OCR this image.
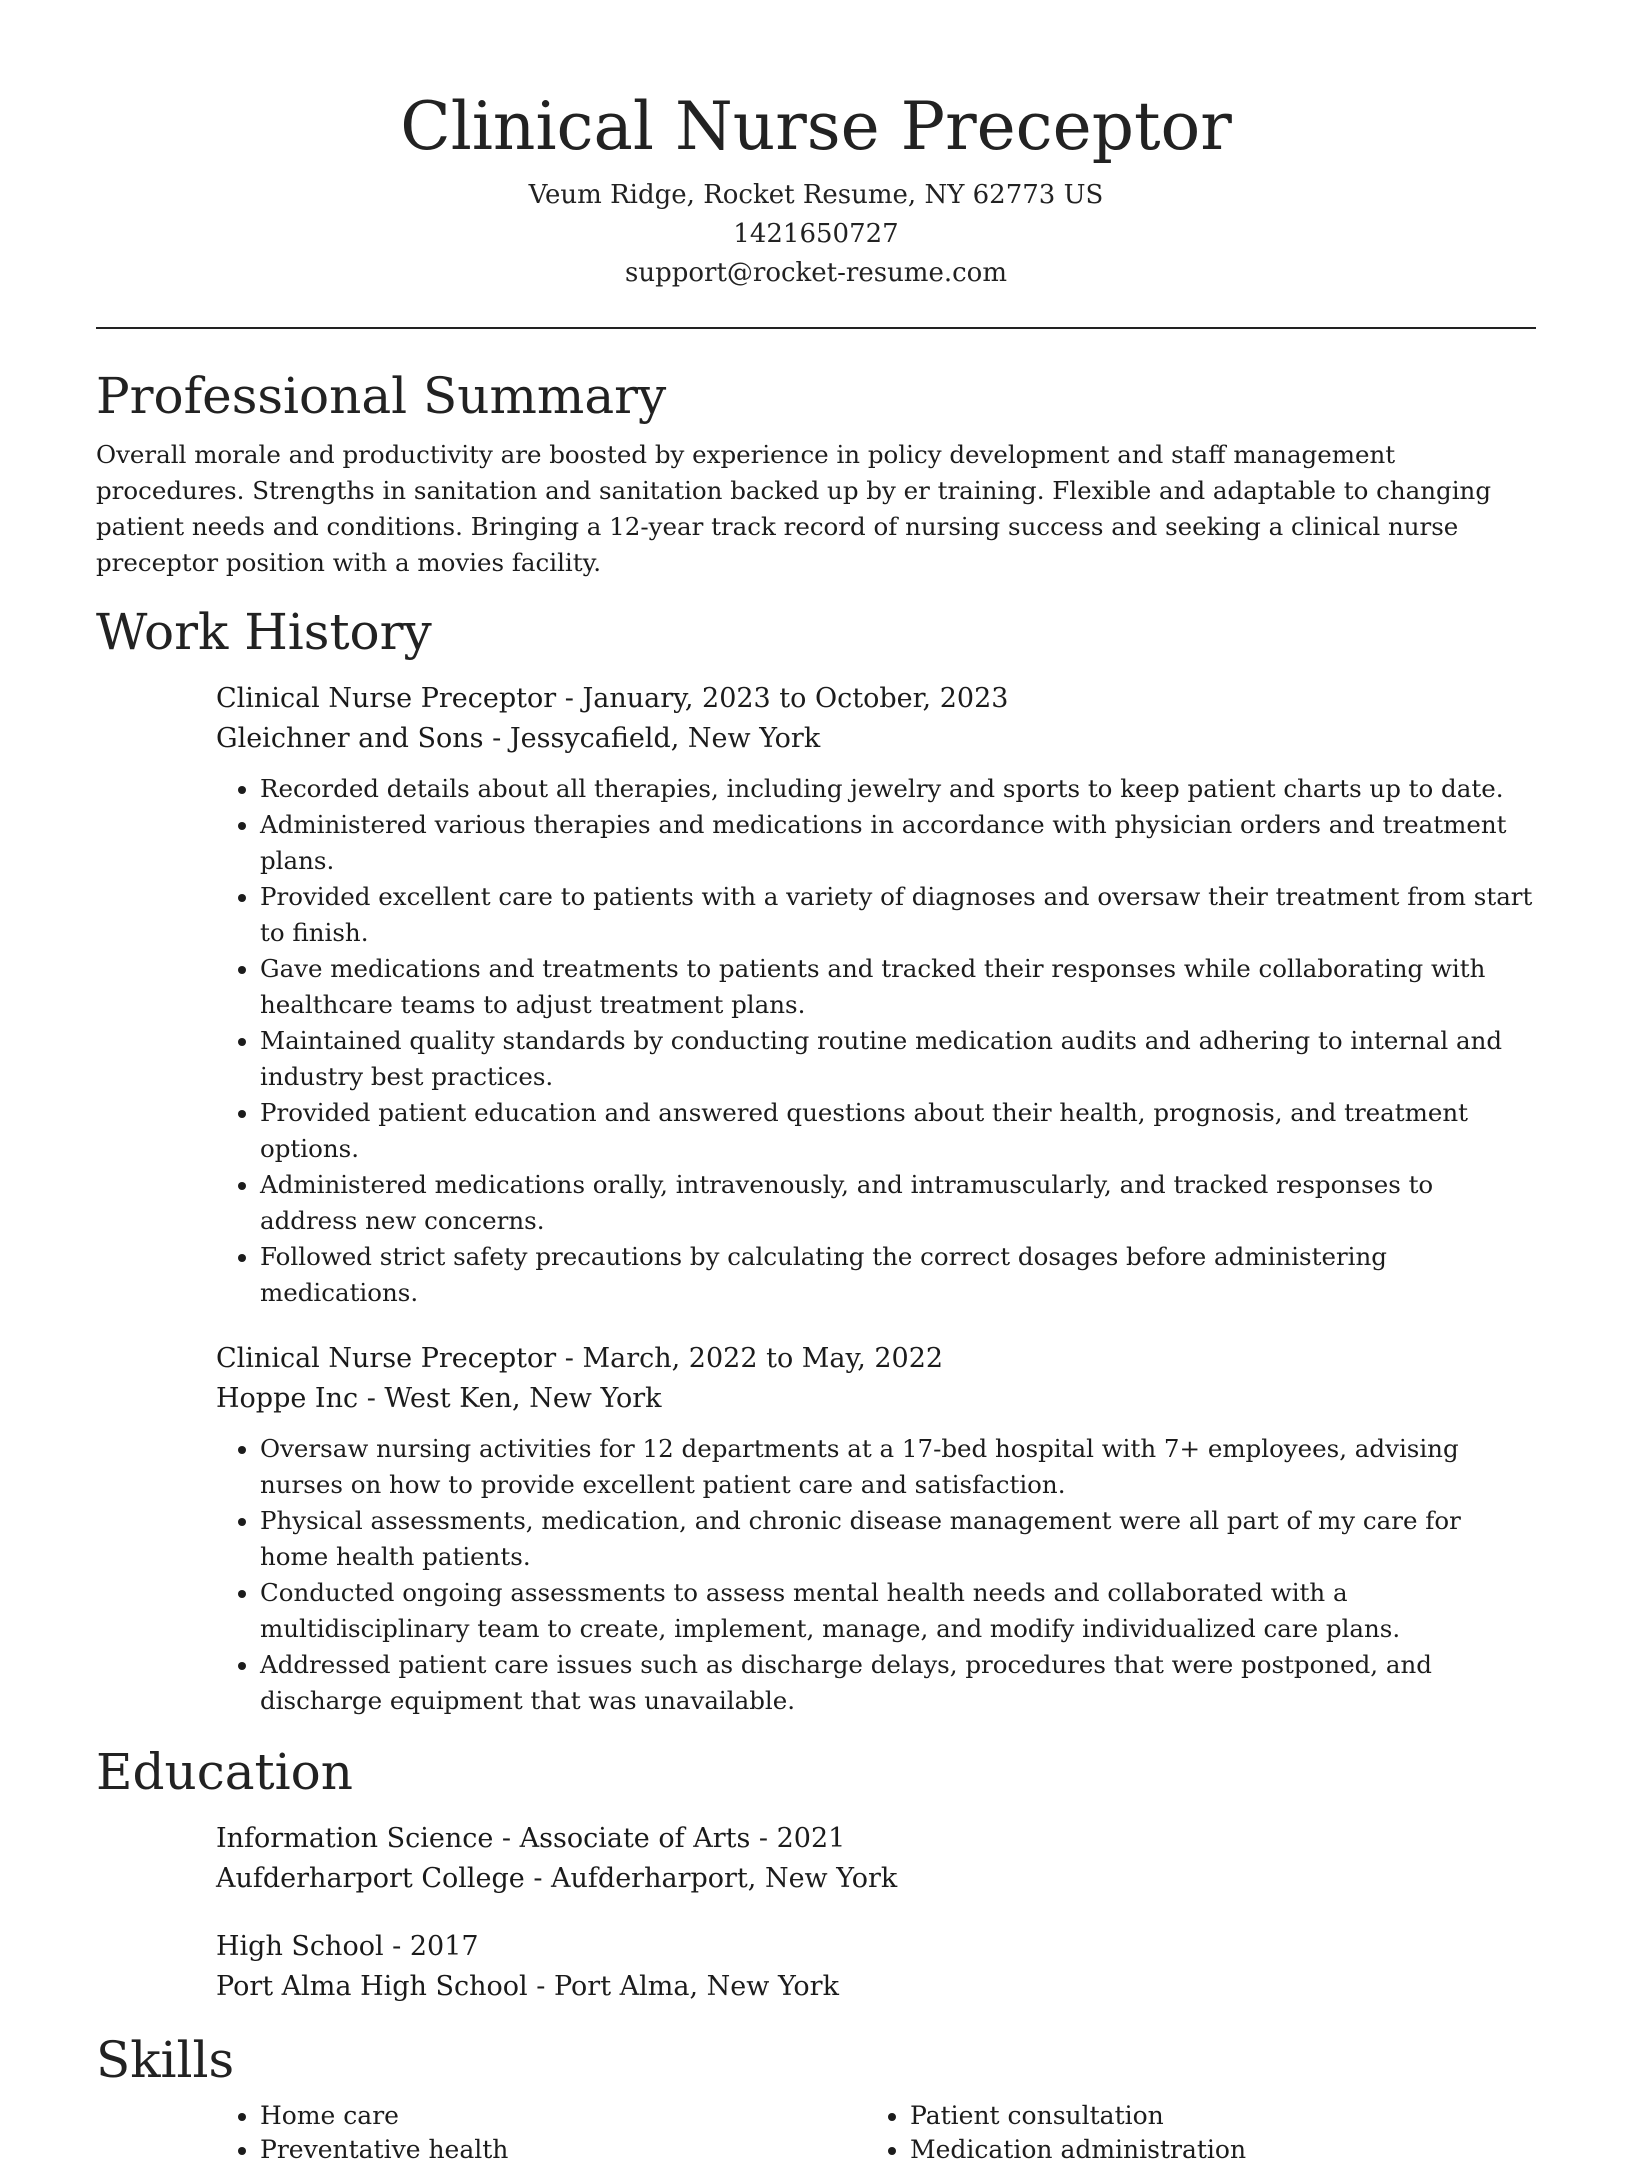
Clinical Nurse Preceptor
Veum Ridge, Rocket Resume, NY 62773 US
1421650727
support@rocket-resume.com
Professional Summary

Overall morale and productivity are boosted by experience in policy development and staff management procedures. Strengths in sanitation and sanitation backed up by er training. Flexible and adaptable to changing patient needs and conditions. Bringing a 12-year track record of nursing success and seeking a clinical nurse preceptor position with a movies facility.

Work History
Clinical Nurse Preceptor - January, 2023 to October, 2023
Gleichner and Sons - Jessycafield, New York
• Recorded details about all therapies, including jewelry and sports to keep patient charts up to date.
• Administered various therapies and medications in accordance with physician orders and treatment plans.
• Provided excellent care to patients with a variety of diagnoses and oversaw their treatment from start to finish.
• Gave medications and treatments to patients and tracked their responses while collaborating with healthcare teams to adjust treatment plans.
• Maintained quality standards by conducting routine medication audits and adhering to internal and industry best practices.
• Provided patient education and answered questions about their health, prognosis, and treatment options.
• Administered medications orally, intravenously, and intramuscularly, and tracked responses to address new concerns.
• Followed strict safety precautions by calculating the correct dosages before administering medications.
Clinical Nurse Preceptor - March, 2022 to May, 2022
Hoppe Inc - West Ken, New York
• Oversaw nursing activities for 12 departments at a 17-bed hospital with 7+ employees, advising nurses on how to provide excellent patient care and satisfaction.
• Physical assessments, medication, and chronic disease management were all part of my care for home health patients.
• Conducted ongoing assessments to assess mental health needs and collaborated with a multidisciplinary team to create, implement, manage, and modify individualized care plans.
• Addressed patient care issues such as discharge delays, procedures that were postponed, and discharge equipment that was unavailable.
Education
Information Science - Associate of Arts - 2021
Aufderharport College - Aufderharport, New York
High School - 2017
Port Alma High School - Port Alma, New York
Skills
• Home care
• Preventative health
• Patient consultation
• Medication administration
